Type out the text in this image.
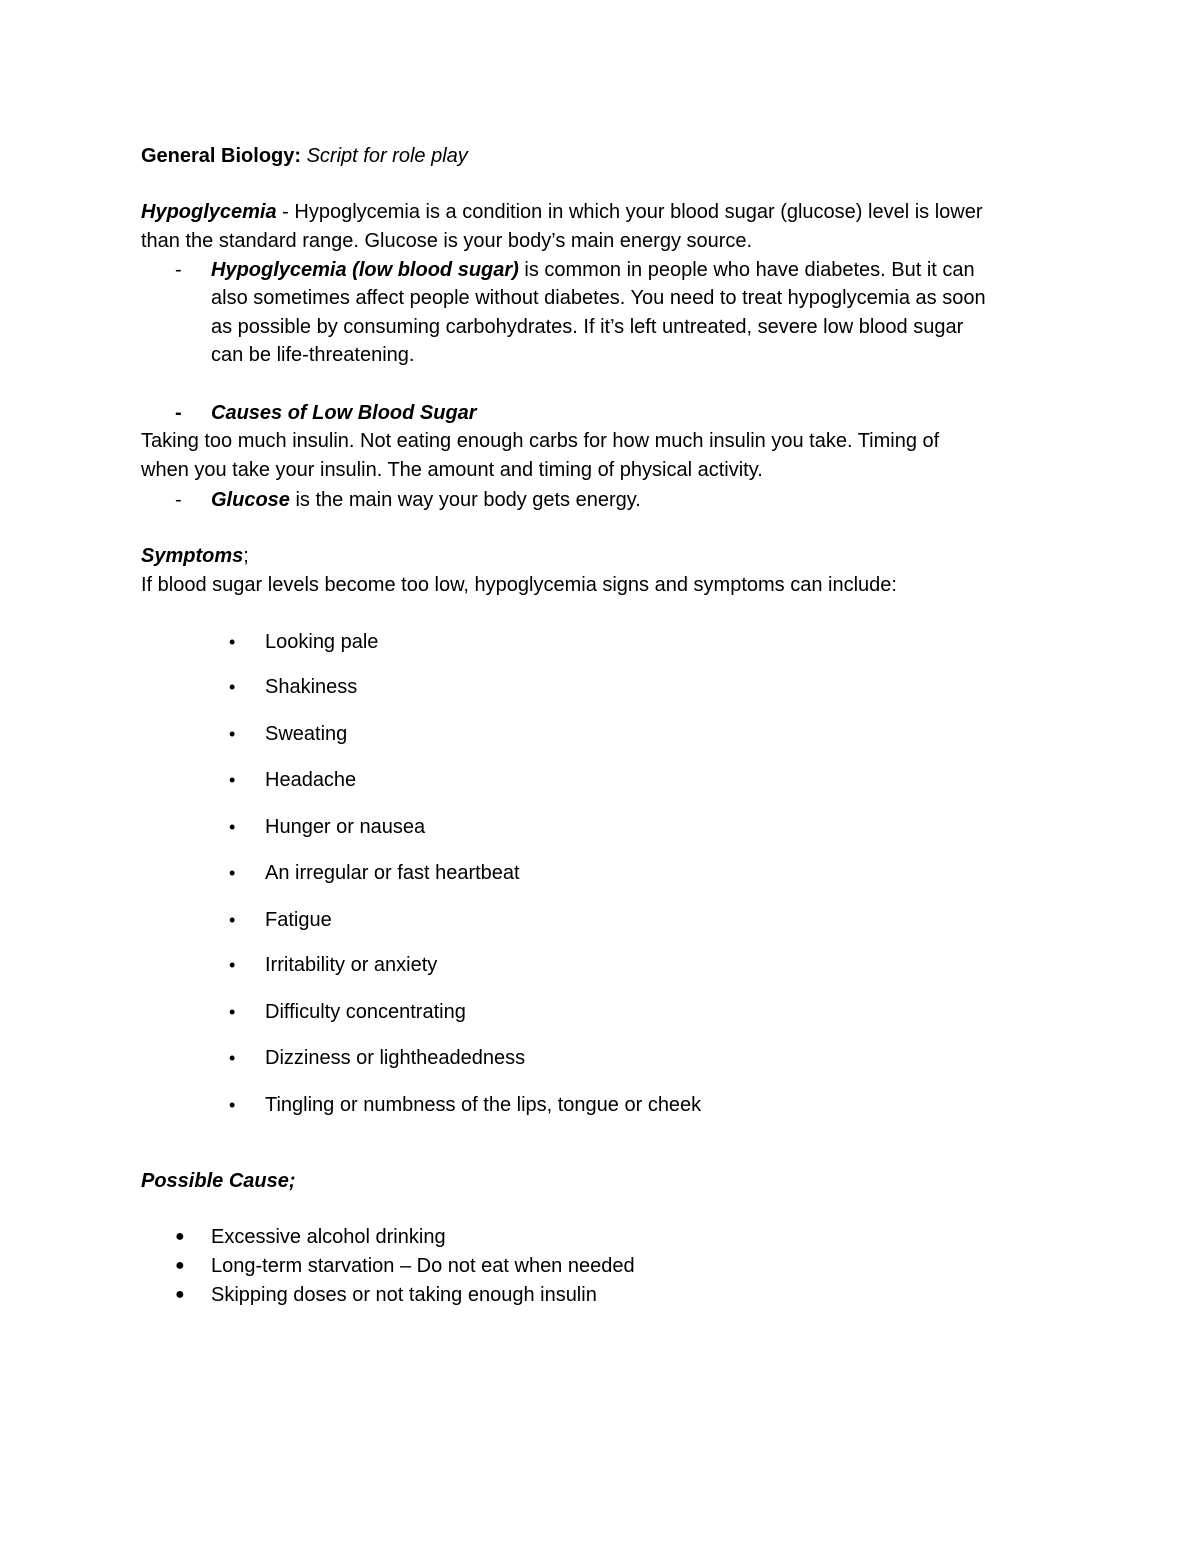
General Biology: Script for role play
Hypoglycemia - Hypoglycemia is a condition in which your blood sugar (glucose) level is lower
than the standard range. Glucose is your body’s main energy source.
- Hypoglycemia (low blood sugar) is common in people who have diabetes. But it can
also sometimes affect people without diabetes. You need to treat hypoglycemia as soon
as possible by consuming carbohydrates. If it’s left untreated, severe low blood sugar
can be life-threatening.
- Causes of Low Blood Sugar
Taking too much insulin. Not eating enough carbs for how much insulin you take. Timing of
when you take your insulin. The amount and timing of physical activity.
- Glucose is the main way your body gets energy.
Symptoms;
If blood sugar levels become too low, hypoglycemia signs and symptoms can include:
• Looking pale
• Shakiness
• Sweating
• Headache
• Hunger or nausea
• An irregular or fast heartbeat
• Fatigue
• Irritability or anxiety
• Difficulty concentrating
• Dizziness or lightheadedness
• Tingling or numbness of the lips, tongue or cheek
Possible Cause;
● Excessive alcohol drinking
● Long-term starvation – Do not eat when needed
● Skipping doses or not taking enough insulin
